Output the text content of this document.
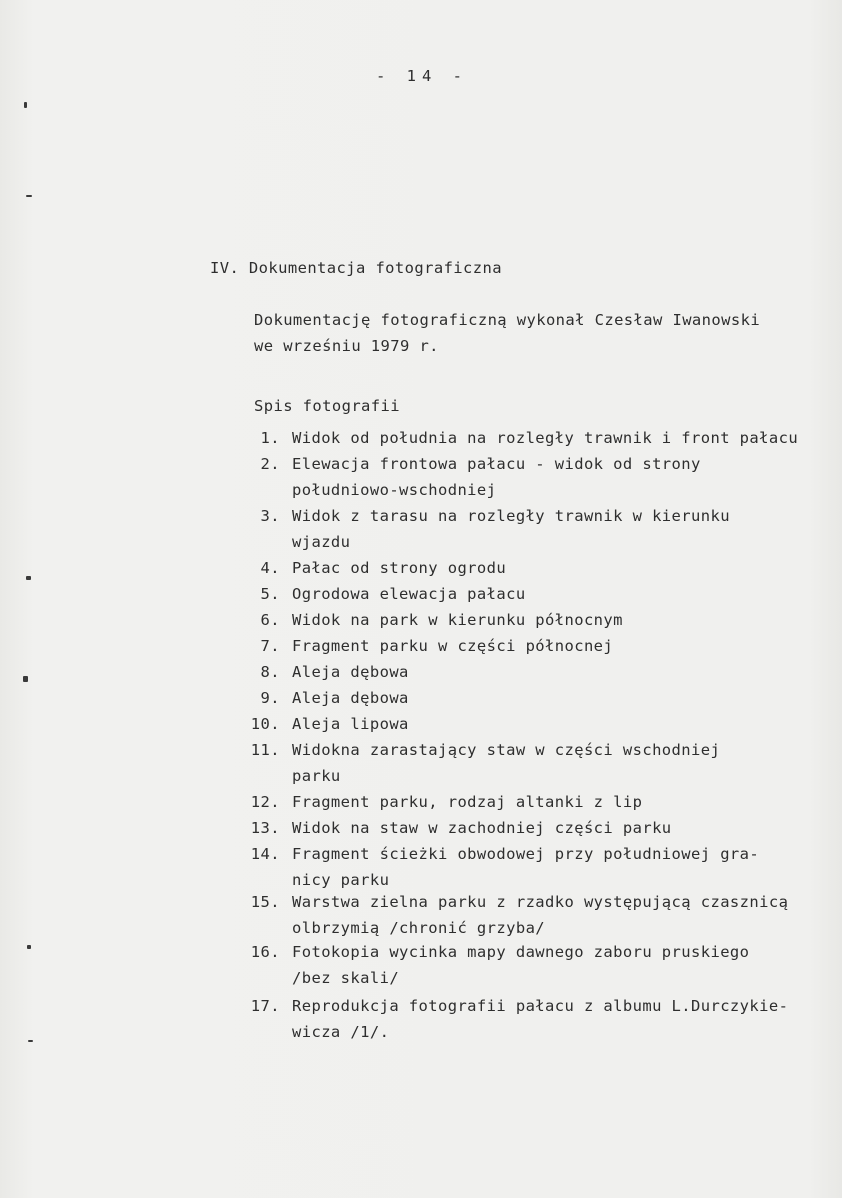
- 14 -
IV. Dokumentacja fotograficzna
Dokumentację fotograficzną wykonał Czesław Iwanowski
we wrześniu 1979 r.
Spis fotografii
1. Widok od południa na rozległy trawnik i front pałacu
2. Elewacja frontowa pałacu - widok od strony
południowo-wschodniej
3. Widok z tarasu na rozległy trawnik w kierunku
wjazdu
4. Pałac od strony ogrodu
5. Ogrodowa elewacja pałacu
6. Widok na park w kierunku północnym
7. Fragment parku w części północnej
8. Aleja dębowa
9. Aleja dębowa
10. Aleja lipowa
11. Widokna zarastający staw w części wschodniej
parku
12. Fragment parku, rodzaj altanki z lip
13. Widok na staw w zachodniej części parku
14. Fragment ścieżki obwodowej przy południowej gra-
nicy parku
15. Warstwa zielna parku z rzadko występującą czasznicą
olbrzymią /chronić grzyba/
16. Fotokopia wycinka mapy dawnego zaboru pruskiego
/bez skali/
17. Reprodukcja fotografii pałacu z albumu L.Durczykie-
wicza /1/.
